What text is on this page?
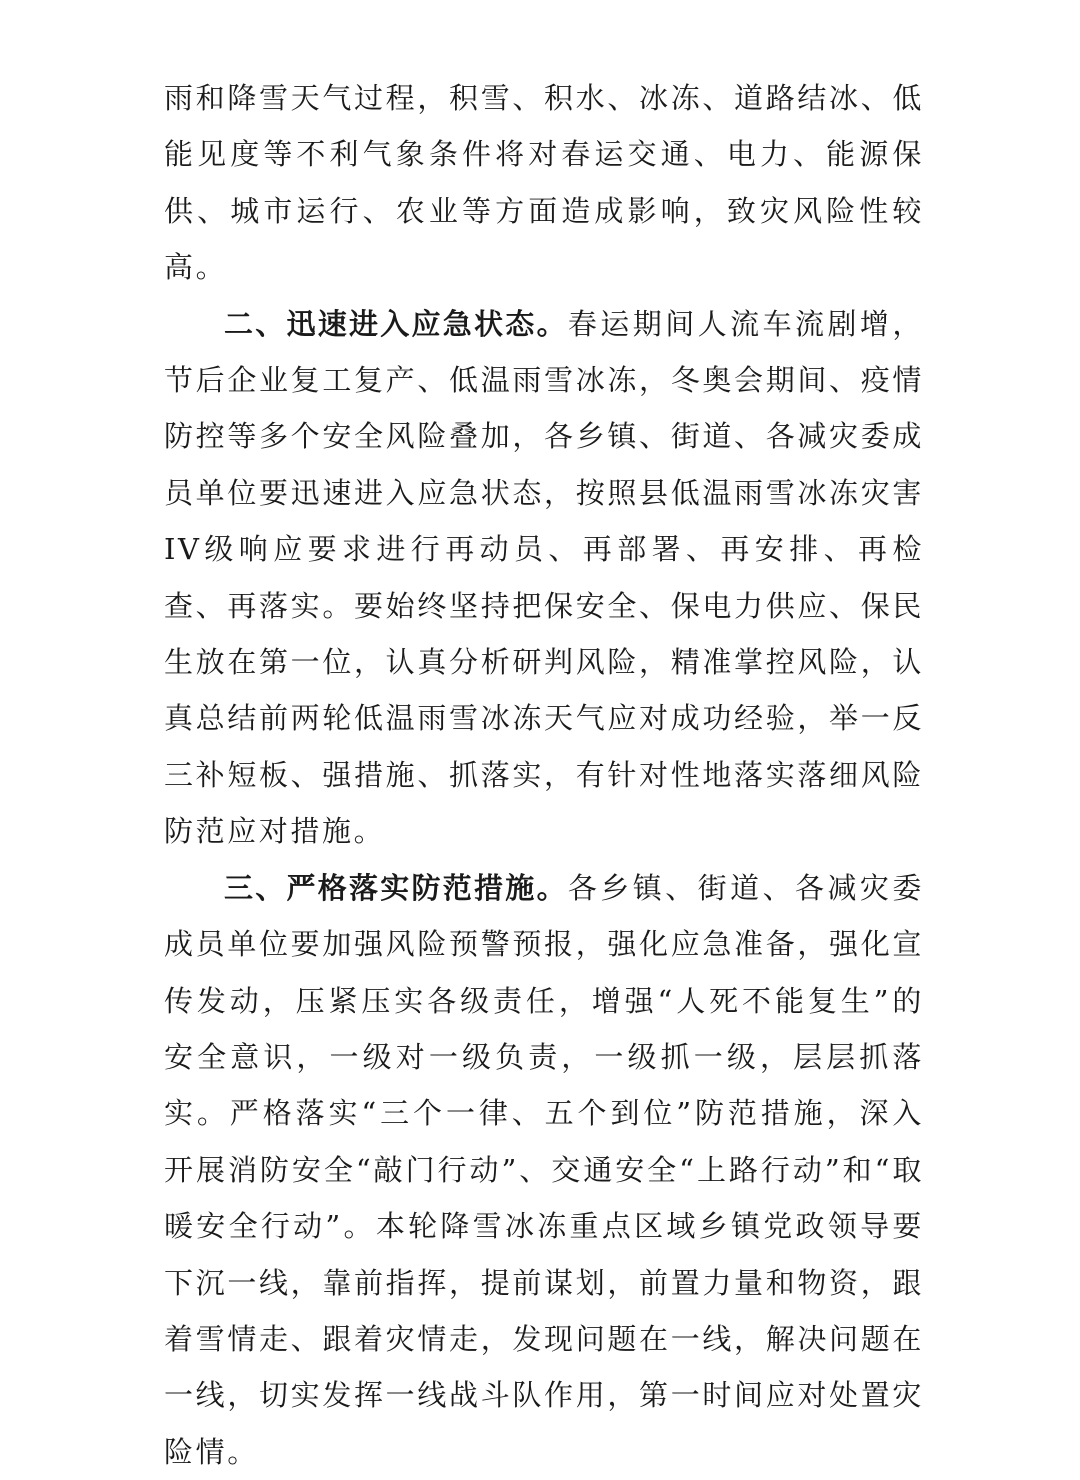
雨和降雪天气过程，积雪、积水、冰冻、道路结冰、低能见度等不利气象条件将对春运交通、电力、能源保供、城市运行、农业等方面造成影响，致灾风险性较高。

二、迅速进入应急状态。春运期间人流车流剧增，节后企业复工复产、低温雨雪冰冻，冬奥会期间、疫情防控等多个安全风险叠加，各乡镇、街道、各减灾委成员单位要迅速进入应急状态，按照县低温雨雪冰冻灾害IV级响应要求进行再动员、再部署、再安排、再检查、再落实。要始终坚持把保安全、保电力供应、保民生放在第一位，认真分析研判风险，精准掌控风险，认真总结前两轮低温雨雪冰冻天气应对成功经验，举一反三补短板、强措施、抓落实，有针对性地落实落细风险防范应对措施。

三、严格落实防范措施。各乡镇、街道、各减灾委成员单位要加强风险预警预报，强化应急准备，强化宣传发动，压紧压实各级责任，增强“人死不能复生”的安全意识，一级对一级负责，一级抓一级，层层抓落实。严格落实“三个一律、五个到位”防范措施，深入开展消防安全“敲门行动”、交通安全“上路行动”和“取暖安全行动”。本轮降雪冰冻重点区域乡镇党政领导要下沉一线，靠前指挥，提前谋划，前置力量和物资，跟着雪情走、跟着灾情走，发现问题在一线，解决问题在一线，切实发挥一线战斗队作用，第一时间应对处置灾险情。
